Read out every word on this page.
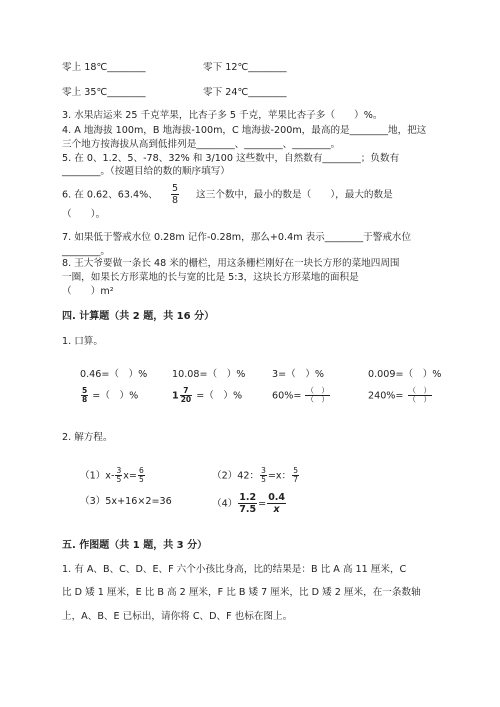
零上 18℃________	零下 12℃________
零上 35℃________	零下 24℃________
3. 水果店运来 25 千克苹果，比杏子多 5 千克，苹果比杏子多（　　）%。
4. A 地海拔 100m，B 地海拔-100m，C 地海拔-200m，最高的是________地，把这
三个地方按海拔从高到低排列是________、________、________。
5. 在 0、1.2、5、-78、32% 和 3/100 这些数中，自然数有________；负数有
________。（按题目给的数的顺序填写）
6. 在 0.62、63.4%、 $\frac{5}{8}$ 这三个数中，最小的数是（　　），最大的数是
（　　）。
7. 如果低于警戒水位 0.28m 记作-0.28m，那么+0.4m 表示________于警戒水位
________。
8. 王大爷要做一条长 48 米的栅栏，用这条栅栏刚好在一块长方形的菜地四周围
一圈，如果长方形菜地的长与宽的比是 5:3，这块长方形菜地的面积是
（　　）m²
四. 计算题（共 2 题，共 16 分）
1. 口算。
0.46=（　）%	10.08=（　）%	3=（　）%	0.009=（　）%
$\frac{5}{8}$ =（　）%	$1 \frac{7}{20}$ =（　）%	$60\%= \frac{( )}{( )}$	$240\%= \frac{( )}{( )}$
2. 解方程。
$(1)x- \frac{3}{5} x= \frac{6}{5}$	（2）42： $\frac{3}{5} =x$： $\frac{5}{7}$
（3）5x+16×2=36	$(4) \frac{1.2}{7.5} = \frac{0.4}{x}$
五. 作图题（共 1 题，共 3 分）
1. 有 A、B、C、D、E、F 六个小孩比身高，比的结果是：B 比 A 高 11 厘米，C
比 D 矮 1 厘米，E 比 B 高 2 厘米，F 比 B 矮 7 厘米，比 D 矮 2 厘米，在一条数轴
上，A、B、E 已标出，请你将 C、D、F 也标在图上。
